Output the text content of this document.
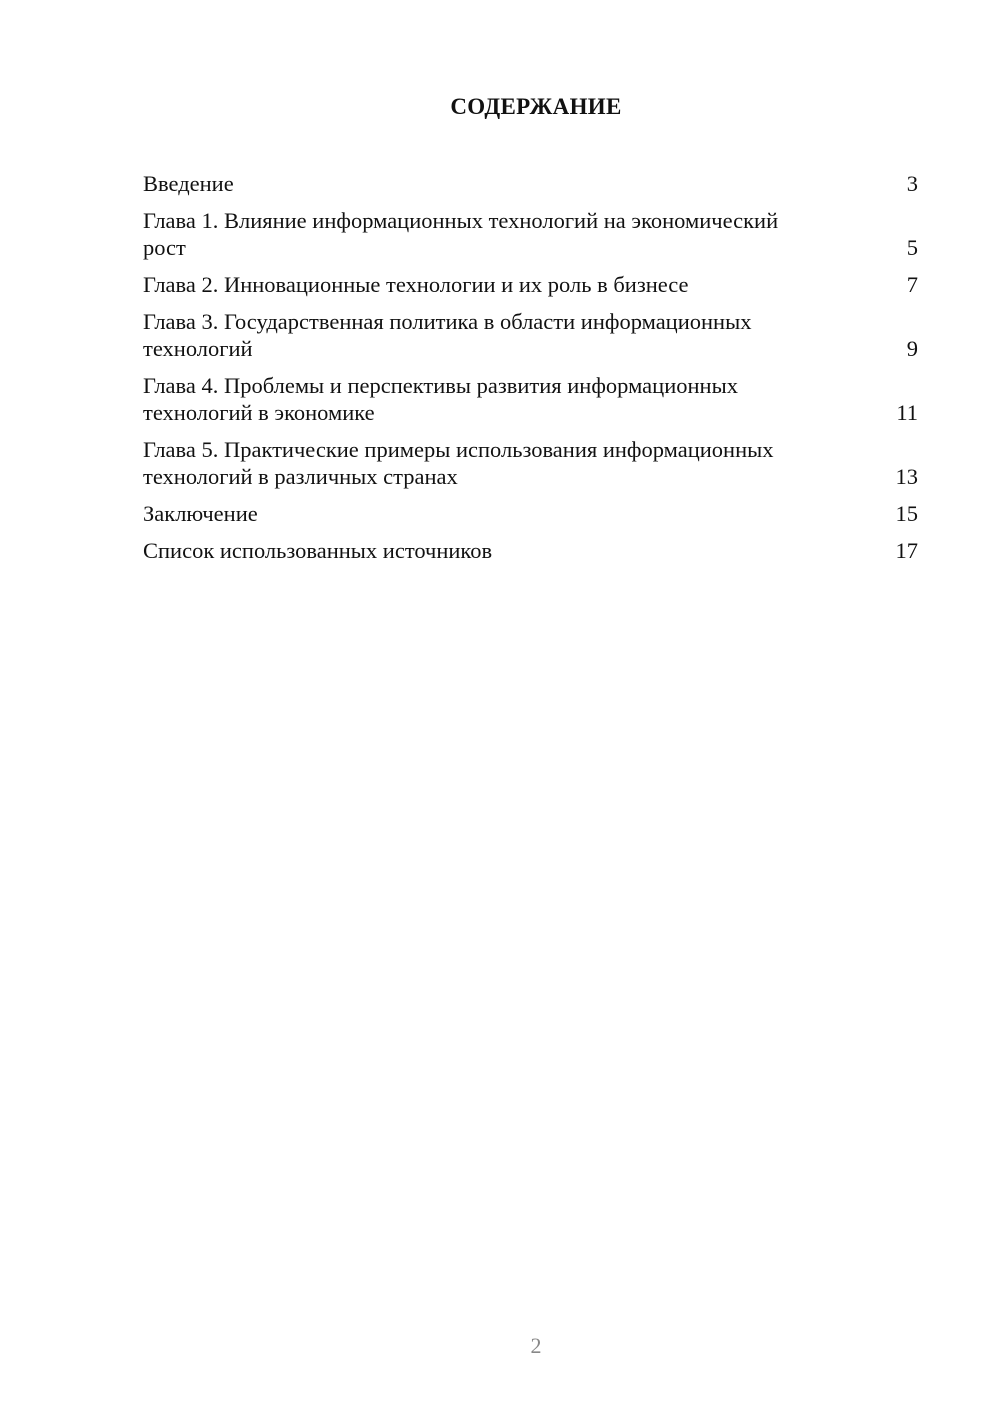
СОДЕРЖАНИЕ
Введение	3
Глава 1. Влияние информационных технологий на экономический рост	5
Глава 2. Инновационные технологии и их роль в бизнесе	7
Глава 3. Государственная политика в области информационных технологий	9
Глава 4. Проблемы и перспективы развития информационных технологий в экономике	11
Глава 5. Практические примеры использования информационных технологий в различных странах	13
Заключение	15
Список использованных источников	17
2
